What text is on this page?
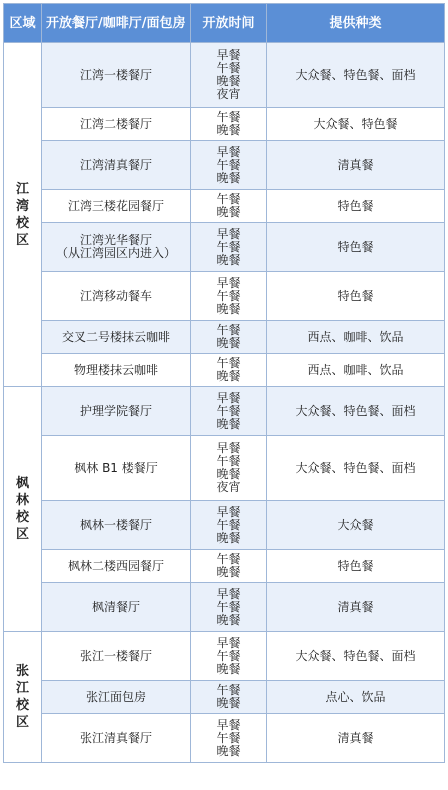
区域	开放餐厅/咖啡厅/面包房	开放时间	提供种类

江
湾
校
区	江湾一楼餐厅	早餐
午餐
晚餐
夜宵	大众餐、特色餐、面档

	江湾二楼餐厅	午餐
晚餐	大众餐、特色餐

	江湾清真餐厅	早餐
午餐
晚餐	清真餐

	江湾三楼花园餐厅	午餐
晚餐	特色餐

	江湾光华餐厅
（从江湾园区内进入）	早餐
午餐
晚餐	特色餐

	江湾移动餐车	早餐
午餐
晚餐	特色餐

	交叉二号楼抹云咖啡	午餐
晚餐	西点、咖啡、饮品

	物理楼抹云咖啡	午餐
晚餐	西点、咖啡、饮品

枫
林
校
区	护理学院餐厅	早餐
午餐
晚餐	大众餐、特色餐、面档

	枫林 B1 楼餐厅	早餐
午餐
晚餐
夜宵	大众餐、特色餐、面档

	枫林一楼餐厅	早餐
午餐
晚餐	大众餐

	枫林二楼西园餐厅	午餐
晚餐	特色餐

	枫清餐厅	早餐
午餐
晚餐	清真餐

张
江
校
区	张江一楼餐厅	早餐
午餐
晚餐	大众餐、特色餐、面档

	张江面包房	午餐
晚餐	点心、饮品

	张江清真餐厅	早餐
午餐
晚餐	清真餐
